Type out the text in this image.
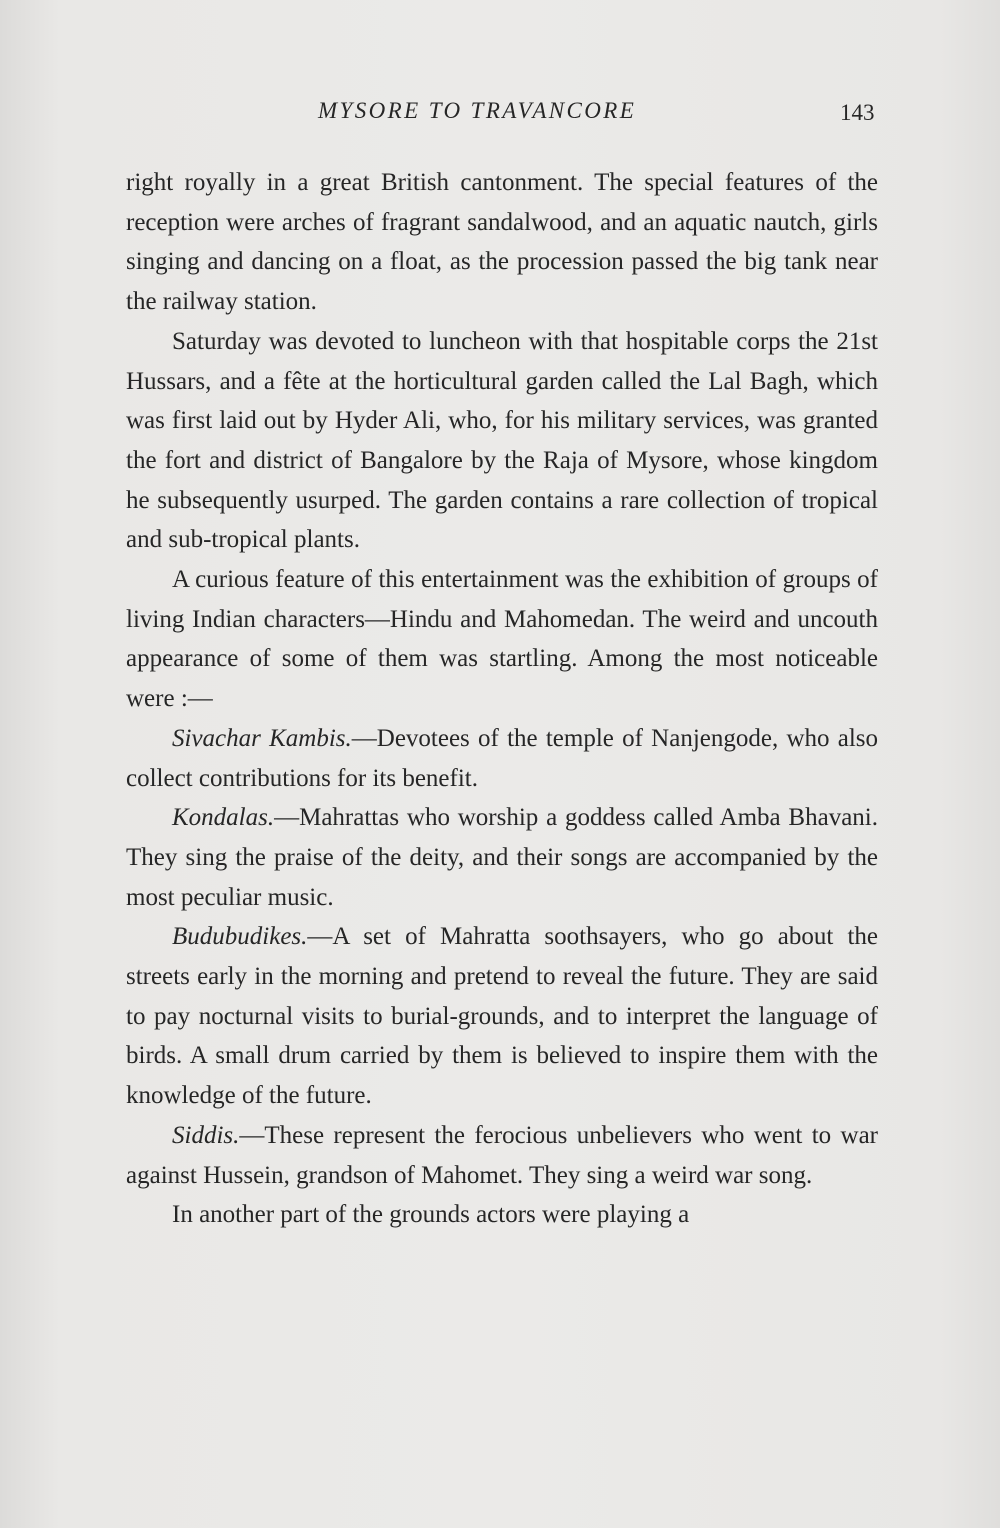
MYSORE TO TRAVANCORE	143

right royally in a great British cantonment. The special features of the reception were arches of fragrant sandalwood, and an aquatic nautch, girls singing and dancing on a float, as the procession passed the big tank near the railway station.

Saturday was devoted to luncheon with that hospitable corps the 21st Hussars, and a fête at the horticultural garden called the Lal Bagh, which was first laid out by Hyder Ali, who, for his military services, was granted the fort and district of Bangalore by the Raja of Mysore, whose kingdom he subsequently usurped. The garden contains a rare collection of tropical and sub-tropical plants.

A curious feature of this entertainment was the exhibition of groups of living Indian characters—Hindu and Mahomedan. The weird and uncouth appearance of some of them was startling. Among the most noticeable were :—

Sivachar Kambis.—Devotees of the temple of Nanjengode, who also collect contributions for its benefit.

Kondalas.—Mahrattas who worship a goddess called Amba Bhavani. They sing the praise of the deity, and their songs are accompanied by the most peculiar music.

Budubudikes.—A set of Mahratta soothsayers, who go about the streets early in the morning and pretend to reveal the future. They are said to pay nocturnal visits to burial-grounds, and to interpret the language of birds. A small drum carried by them is believed to inspire them with the knowledge of the future.

Siddis.—These represent the ferocious unbelievers who went to war against Hussein, grandson of Mahomet. They sing a weird war song.

In another part of the grounds actors were playing a
